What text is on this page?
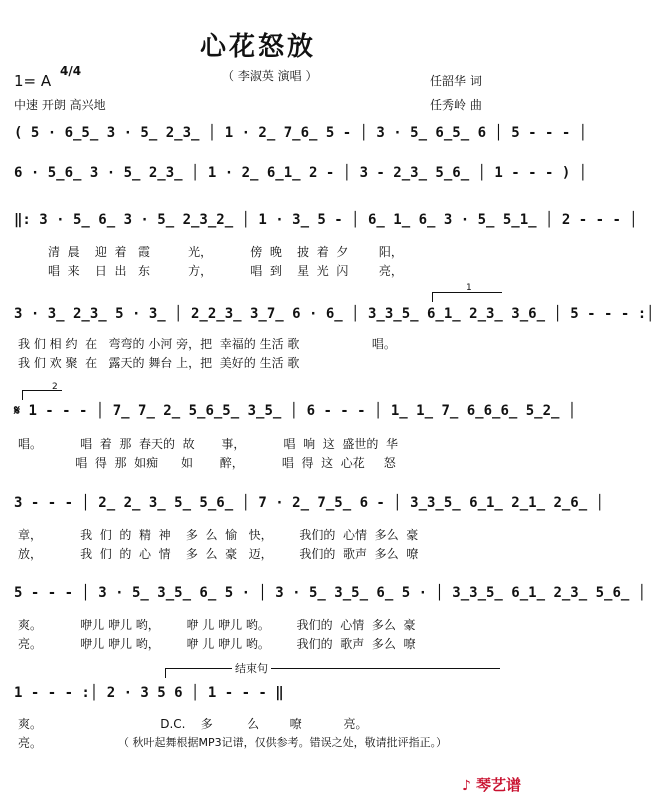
心花怒放
（ 李淑英 演唱 ）
1= A
4/4
中速 开朗 高兴地
任韶华 词
任秀岭 曲
( 5 · 6̲5̲ 3 · 5̲ 2̲3̲ │ 1 · 2̲ 7̲6̲ 5 - │ 3 · 5̲ 6̲5̲ 6 │ 5 - - - │
6 · 5̲6̲ 3 · 5̲ 2̲3̲ │ 1 · 2̲ 6̲1̲ 2 - │ 3 - 2̲3̲ 5̲6̲ │ 1 - - - ) │
‖: 3 · 5̲ 6̲ 3 · 5̲ 2̲3̲2̲ │ 1 · 3̲ 5 - │ 6̲ 1̲ 6̲ 3 · 5̲ 5̲1̲ │ 2 - - - │
清  晨    迎  着   霞          光，          傍  晚    披  着  夕        阳，
唱  来    日  出   东          方，          唱  到    星  光  闪        亮，
1
3 · 3̲ 2̲3̲ 5 · 3̲ │ 2̲2̲3̲ 3̲7̲ 6 · 6̲ │ 3̲3̲5̲ 6̲1̲ 2̲3̲ 3̲6̲ │ 5 - - - :│
我 们 相 约  在   弯弯的 小河 旁，把  幸福的 生活 歌                   唱。
我 们 欢 聚  在   露天的 舞台 上，把  美好的 生活 歌
2
𝄋 1 - - - │ 7̲ 7̲ 2̲ 5̲6̲5̲ 3̲5̲ │ 6 - - - │ 1̲ 1̲ 7̲ 6̲6̲6̲ 5̲2̲ │
唱。          唱  着  那  春天的  故       事，          唱  响  这  盛世的  华
唱  得  那  如痴      如       醉，          唱  得  这  心花     怒
3 - - - │ 2̲ 2̲ 3̲ 5̲ 5̲6̲ │ 7 · 2̲ 7̲5̲ 6 - │ 3̲3̲5̲ 6̲1̲ 2̲1̲ 2̲6̲ │
章，          我  们  的  精  神    多  么  愉   快，       我们的  心情  多么  豪
放，          我  们  的  心  情    多  么  豪   迈，       我们的  歌声  多么  嘹
5 - - - │ 3 · 5̲ 3̲5̲ 6̲ 5 · │ 3 · 5̲ 3̲5̲ 6̲ 5 · │ 3̲3̲5̲ 6̲1̲ 2̲3̲ 5̲6̲ │
爽。          咿儿 咿儿 哟，       咿 儿 咿儿 哟。       我们的  心情  多么  豪
亮。          咿儿 咿儿 哟，       咿 儿 咿儿 哟。       我们的  歌声  多么  嘹
结束句
1 - - - :│ 2 · 3 5 6 │ 1 - - - ‖
爽。                               D.C.    多         么        嘹           亮。
亮。	（ 秋叶起舞根据MP3记谱，仅供参考。错误之处，敬请批评指正。）
♪ 琴艺谱
